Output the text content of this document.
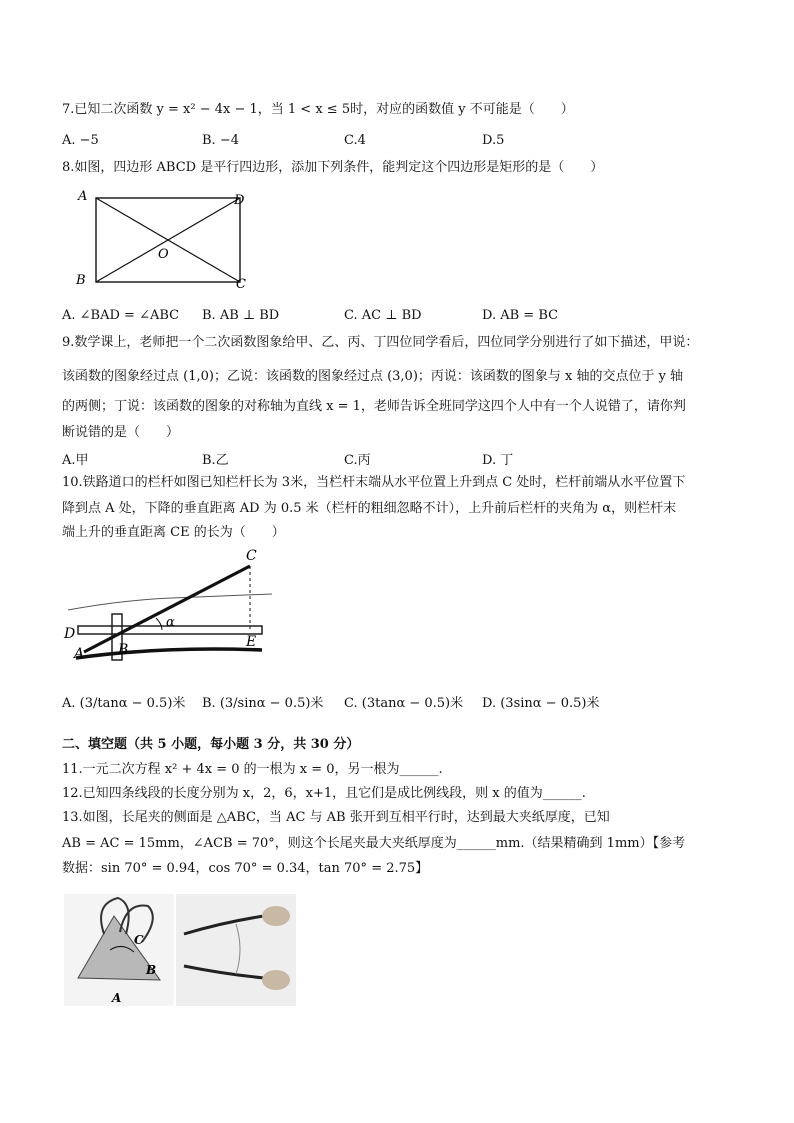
7.已知二次函数 y = x² − 4x − 1，当 1 < x ≤ 5时，对应的函数值 y 不可能是（　　）
A. −5	B. −4	C.4	D.5
8.如图，四边形 ABCD 是平行四边形，添加下列条件，能判定这个四边形是矩形的是（　　）
A	D
B	C
O
A. ∠BAD = ∠ABC B. AB ⊥ BD	C. AC ⊥ BD	D. AB = BC
9.数学课上，老师把一个二次函数图象给甲、乙、丙、丁四位同学看后，四位同学分别进行了如下描述，甲说：
该函数的图象经过点 (1,0)；乙说：该函数的图象经过点 (3,0)；丙说：该函数的图象与 x 轴的交点位于 y 轴
的两侧；丁说：该函数的图象的对称轴为直线 x = 1，老师告诉全班同学这四个人中有一个人说错了，请你判
断说错的是（　　）
A.甲	B.乙	C.丙	D. 丁
10.铁路道口的栏杆如图已知栏杆长为 3米，当栏杆末端从水平位置上升到点 C 处时，栏杆前端从水平位置下
降到点 A 处，下降的垂直距离 AD 为 0.5 米（栏杆的粗细忽略不计），上升前后栏杆的夹角为 α，则栏杆末
端上升的垂直距离 CE 的长为（　　）
α
C
D
A B	E
A. (3/tanα − 0.5)米 B. (3/sinα − 0.5)米 C. (3tanα − 0.5)米 D. (3sinα − 0.5)米
二、填空题（共 5 小题，每小题 3 分，共 30 分）
11.一元二次方程 x² + 4x = 0 的一根为 x = 0，另一根为______.
12.已知四条线段的长度分别为 x，2，6，x+1，且它们是成比例线段，则 x 的值为______.
13.如图，长尾夹的侧面是 △ABC，当 AC 与 AB 张开到互相平行时，达到最大夹纸厚度，已知
AB = AC = 15mm，∠ACB = 70°，则这个长尾夹最大夹纸厚度为______mm.（结果精确到 1mm）【参考
数据：sin 70° = 0.94，cos 70° = 0.34，tan 70° = 2.75】
C
B
A
